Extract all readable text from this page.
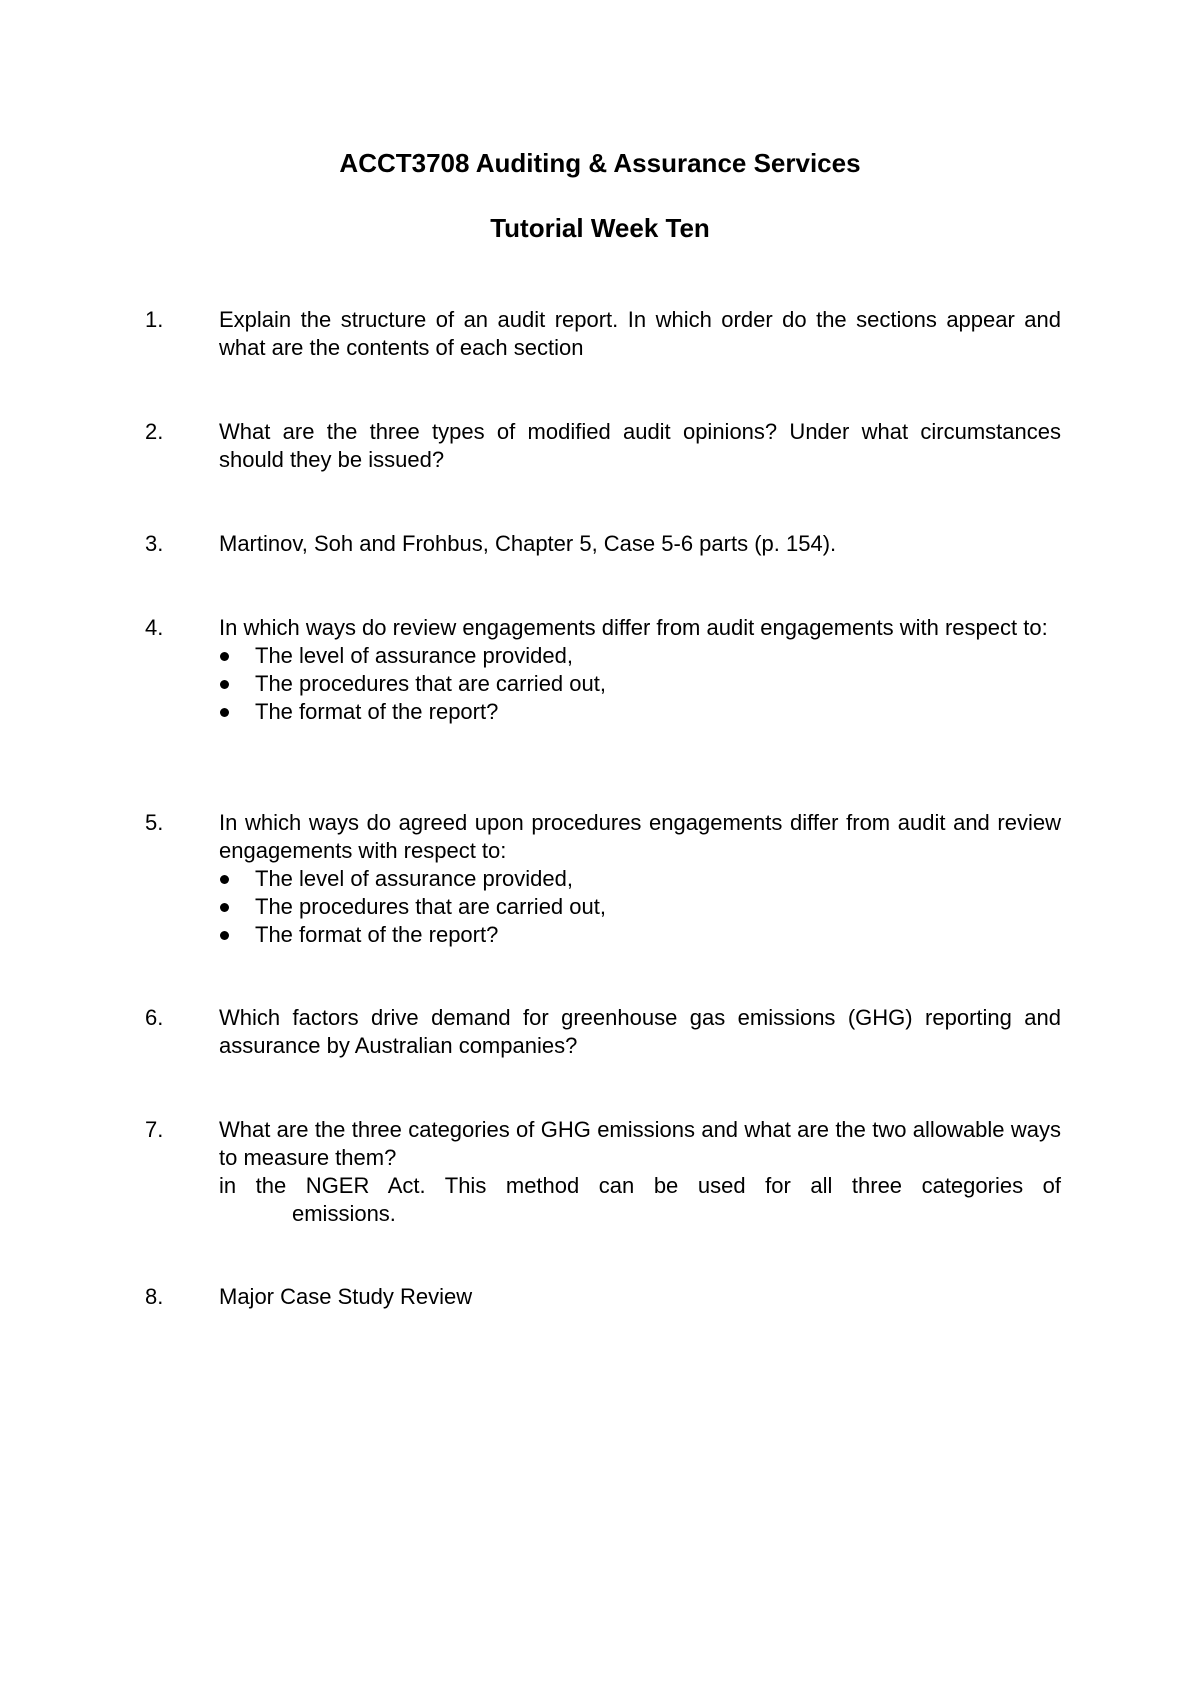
ACCT3708 Auditing & Assurance Services
Tutorial Week Ten
1.	Explain the structure of an audit report. In which order do the sections appear and what are the contents of each section

2.	What are the three types of modified audit opinions? Under what circumstances should they be issued?

3.	Martinov, Soh and Frohbus, Chapter 5, Case 5-6 parts (p. 154).

4.	In which ways do review engagements differ from audit engagements with respect to:

The level of assurance provided,
The procedures that are carried out,
The format of the report?
5.	In which ways do agreed upon procedures engagements differ from audit and review engagements with respect to:

The level of assurance provided,
The procedures that are carried out,
The format of the report?
6.	Which factors drive demand for greenhouse gas emissions (GHG) reporting and assurance by Australian companies?

7.	What are the three categories of GHG emissions and what are the two allowable ways to measure them?

in the NGER Act. This method can be used for all three categories of

emissions.

8.	Major Case Study Review
